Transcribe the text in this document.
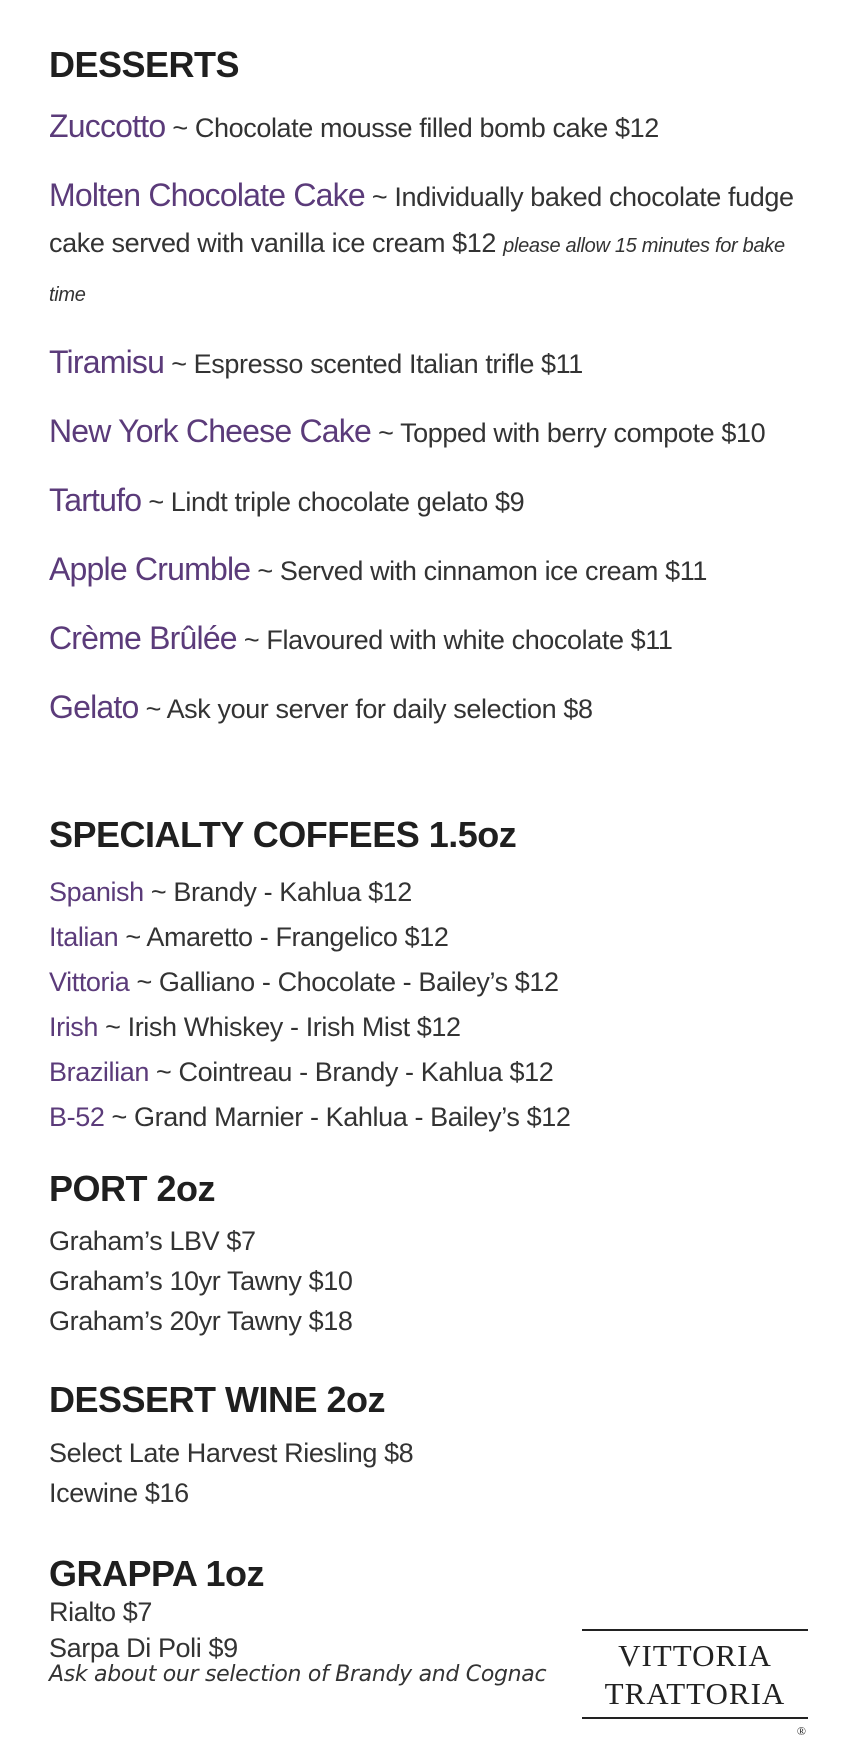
DESSERTS
Zuccotto ~ Chocolate mousse filled bomb cake $12
Molten Chocolate Cake ~ Individually baked chocolate fudge cake served with vanilla ice cream $12 please allow 15 minutes for bake time
Tiramisu ~ Espresso scented Italian trifle $11
New York Cheese Cake ~ Topped with berry compote $10
Tartufo ~ Lindt triple chocolate gelato $9
Apple Crumble ~ Served with cinnamon ice cream $11
Crème Brûlée ~ Flavoured with white chocolate $11
Gelato ~ Ask your server for daily selection $8
SPECIALTY COFFEES 1.5oz
Spanish ~ Brandy - Kahlua $12
Italian ~ Amaretto - Frangelico $12
Vittoria ~ Galliano - Chocolate - Bailey’s $12
Irish ~ Irish Whiskey - Irish Mist $12
Brazilian ~ Cointreau - Brandy - Kahlua $12
B-52 ~ Grand Marnier - Kahlua - Bailey’s $12
PORT 2oz
Graham’s LBV $7
Graham’s 10yr Tawny $10
Graham’s 20yr Tawny $18
DESSERT WINE 2oz
Select Late Harvest Riesling $8
Icewine $16
GRAPPA 1oz
Rialto $7
Sarpa Di Poli $9
Ask about our selection of Brandy and Cognac
VITTORIA
TRATTORIA
®
